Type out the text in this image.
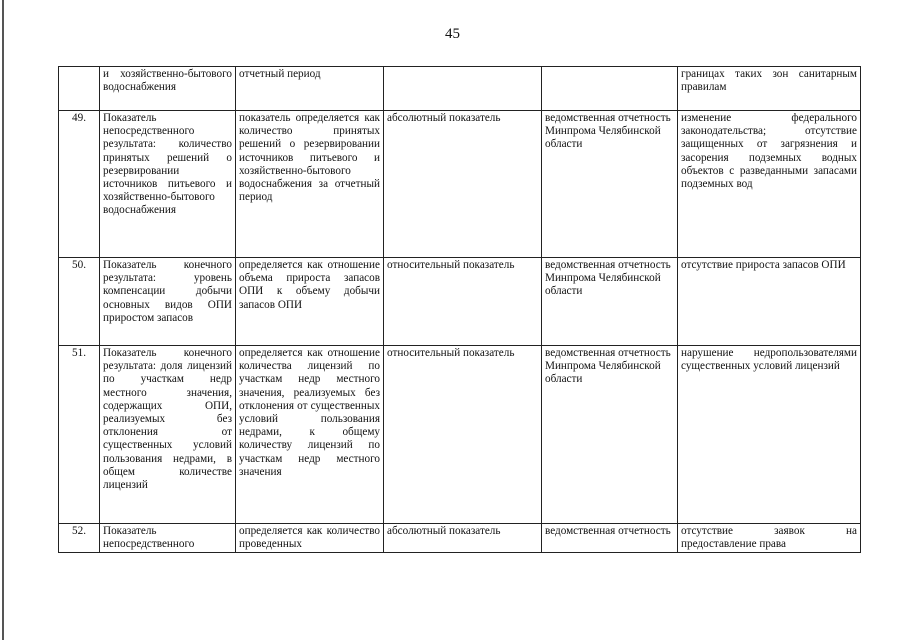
45
	и хозяйственно-бытового водоснабжения	отчетный период			границах таких зон санитарным правилам
49.	Показатель непосредственного результата: количество принятых решений о резервировании источников питьевого и хозяйственно-бытового водоснабжения	показатель определяется как количество принятых решений о резервировании источников питьевого и хозяйственно-бытового водоснабжения за отчетный период	абсолютный показатель	ведомственная отчетность Минпрома Челябинской области	изменение федерального законодательства; отсутствие защищенных от загрязнения и засорения подземных водных объектов с разведанными запасами подземных вод
50.	Показатель конечного результата: уровень компенсации добычи основных видов ОПИ приростом запасов	определяется как отношение объема прироста запасов ОПИ к объему добычи запасов ОПИ	относительный показатель	ведомственная отчетность Минпрома Челябинской области	отсутствие прироста запасов ОПИ
51.	Показатель конечного результата: доля лицензий по участкам недр местного значения, содержащих ОПИ, реализуемых без отклонения от существенных условий пользования недрами, в общем количестве лицензий	определяется как отношение количества лицензий по участкам недр местного значения, реализуемых без отклонения от существенных условий пользования недрами, к общему количеству лицензий по участкам недр местного значения	относительный показатель	ведомственная отчетность Минпрома Челябинской области	нарушение недропользователями существенных условий лицензий
52.	Показатель непосредственного	определяется как количество проведенных	абсолютный показатель	ведомственная отчетность	отсутствие заявок на предоставление права
